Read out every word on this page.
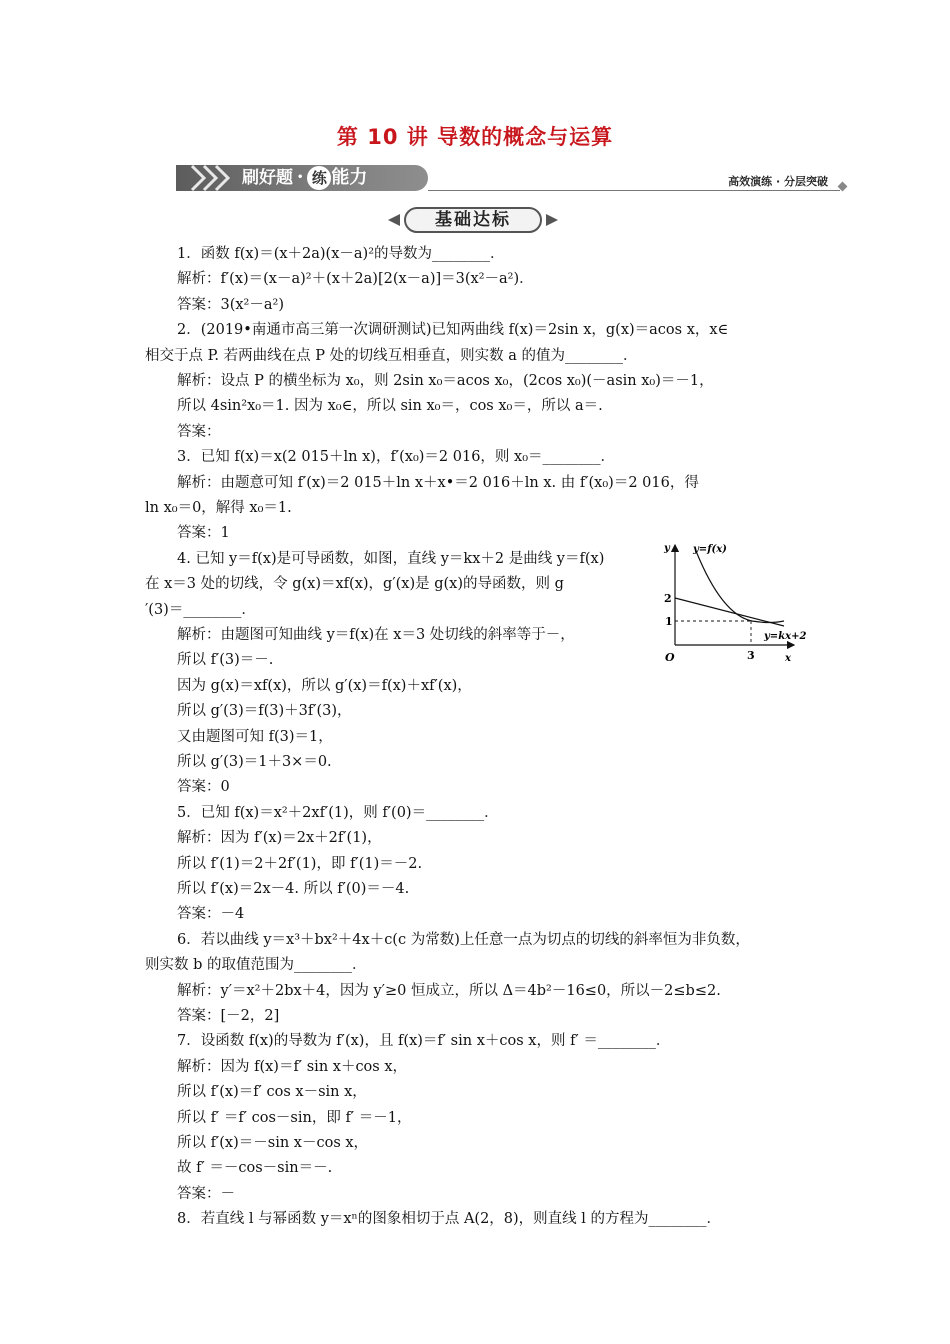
第 10 讲 导数的概念与运算
刷好题 • 练 能力	高效演练 · 分层突破
基础达标
1．函数 f(x)＝(x＋2a)(x－a)²的导数为________．
解析：f′(x)＝(x－a)²＋(x＋2a)[2(x－a)]＝3(x²－a²)．
答案：3(x²－a²)
2．(2019•南通市高三第一次调研测试)已知两曲线 f(x)＝2sin x，g(x)＝acos x，x∈
相交于点 P. 若两曲线在点 P 处的切线互相垂直，则实数 a 的值为________．
解析：设点 P 的横坐标为 x₀，则 2sin x₀＝acos x₀，(2cos x₀)(－asin x₀)＝－1，
所以 4sin²x₀＝1. 因为 x₀∈，所以 sin x₀＝，cos x₀＝，所以 a＝.
答案：
3．已知 f(x)＝x(2 015＋ln x)，f′(x₀)＝2 016，则 x₀＝________．
解析：由题意可知 f′(x)＝2 015＋ln x＋x•＝2 016＋ln x. 由 f′(x₀)＝2 016，得
ln x₀＝0，解得 x₀＝1.
答案：1
4. 已知 y＝f(x)是可导函数，如图，直线 y＝kx＋2 是曲线 y＝f(x)
在 x＝3 处的切线，令 g(x)＝xf(x)，g′(x)是 g(x)的导函数，则 g
′(3)＝________．
解析：由题图可知曲线 y＝f(x)在 x＝3 处切线的斜率等于－，
所以 f′(3)＝－.
因为 g(x)＝xf(x)，所以 g′(x)＝f(x)＋xf′(x)，
所以 g′(3)＝f(3)＋3f′(3)，
又由题图可知 f(3)＝1，
所以 g′(3)＝1＋3×＝0.
答案：0
5．已知 f(x)＝x²＋2xf′(1)，则 f′(0)＝________．
解析：因为 f′(x)＝2x＋2f′(1)，
所以 f′(1)＝2＋2f′(1)，即 f′(1)＝－2.
所以 f′(x)＝2x－4. 所以 f′(0)＝－4.
答案：－4
6．若以曲线 y＝x³＋bx²＋4x＋c(c 为常数)上任意一点为切点的切线的斜率恒为非负数，
则实数 b 的取值范围为________．
解析：y′＝x²＋2bx＋4，因为 y′≥0 恒成立，所以 Δ＝4b²－16≤0，所以－2≤b≤2.
答案：[－2，2]
7．设函数 f(x)的导数为 f′(x)，且 f(x)＝f′ sin x＋cos x，则 f′ ＝________．
解析：因为 f(x)＝f′ sin x＋cos x，
所以 f′(x)＝f′ cos x－sin x，
所以 f′ ＝f′ cos－sin，即 f′ ＝－1，
所以 f′(x)＝－sin x－cos x，
故 f′ ＝－cos－sin＝－.
答案：－
8．若直线 l 与幂函数 y＝xⁿ的图象相切于点 A(2，8)，则直线 l 的方程为________．
y
x
O
y=f(x)
y=kx+2
2
1
3
